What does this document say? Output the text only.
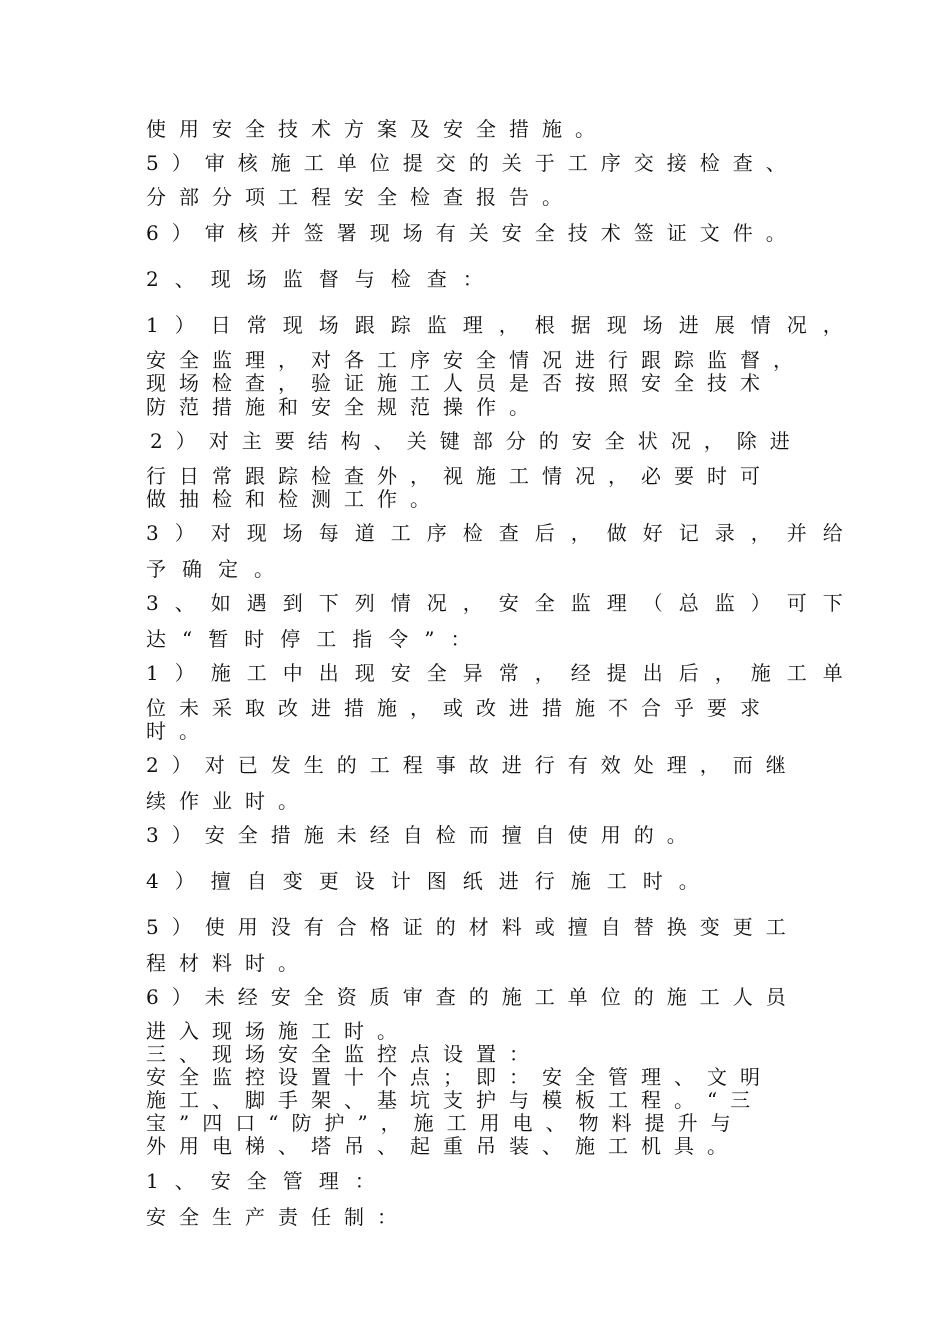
使用安全技术方案及安全措施。

5）审核施工单位提交的关于工序交接检查、

分部分项工程安全检查报告。

6）审核并签署现场有关安全技术签证文件。

2、现场监督与检查：

1）日常现场跟踪监理，根据现场进展情况，

安全监理，对各工序安全情况进行跟踪监督，

现场检查，验证施工人员是否按照安全技术

防范措施和安全规范操作。

2）对主要结构、关键部分的安全状况，除进

行日常跟踪检查外，视施工情况，必要时可

做抽检和检测工作。

3）对现场每道工序检查后，做好记录，并给

予确定。

3、如遇到下列情况，安全监理（总监）可下

达“暂时停工指令”：

1）施工中出现安全异常，经提出后，施工单

位未采取改进措施，或改进措施不合乎要求

时。

2）对已发生的工程事故进行有效处理，而继

续作业时。

3）安全措施未经自检而擅自使用的。

4）擅自变更设计图纸进行施工时。

5）使用没有合格证的材料或擅自替换变更工

程材料时。

6）未经安全资质审查的施工单位的施工人员

进入现场施工时。

三、现场安全监控点设置：

安全监控设置十个点；即：安全管理、文明

施工、脚手架、基坑支护与模板工程。“三

宝”四口“防护”，施工用电、物料提升与

外用电梯、塔吊、起重吊装、施工机具。

1、安全管理：

安全生产责任制：
